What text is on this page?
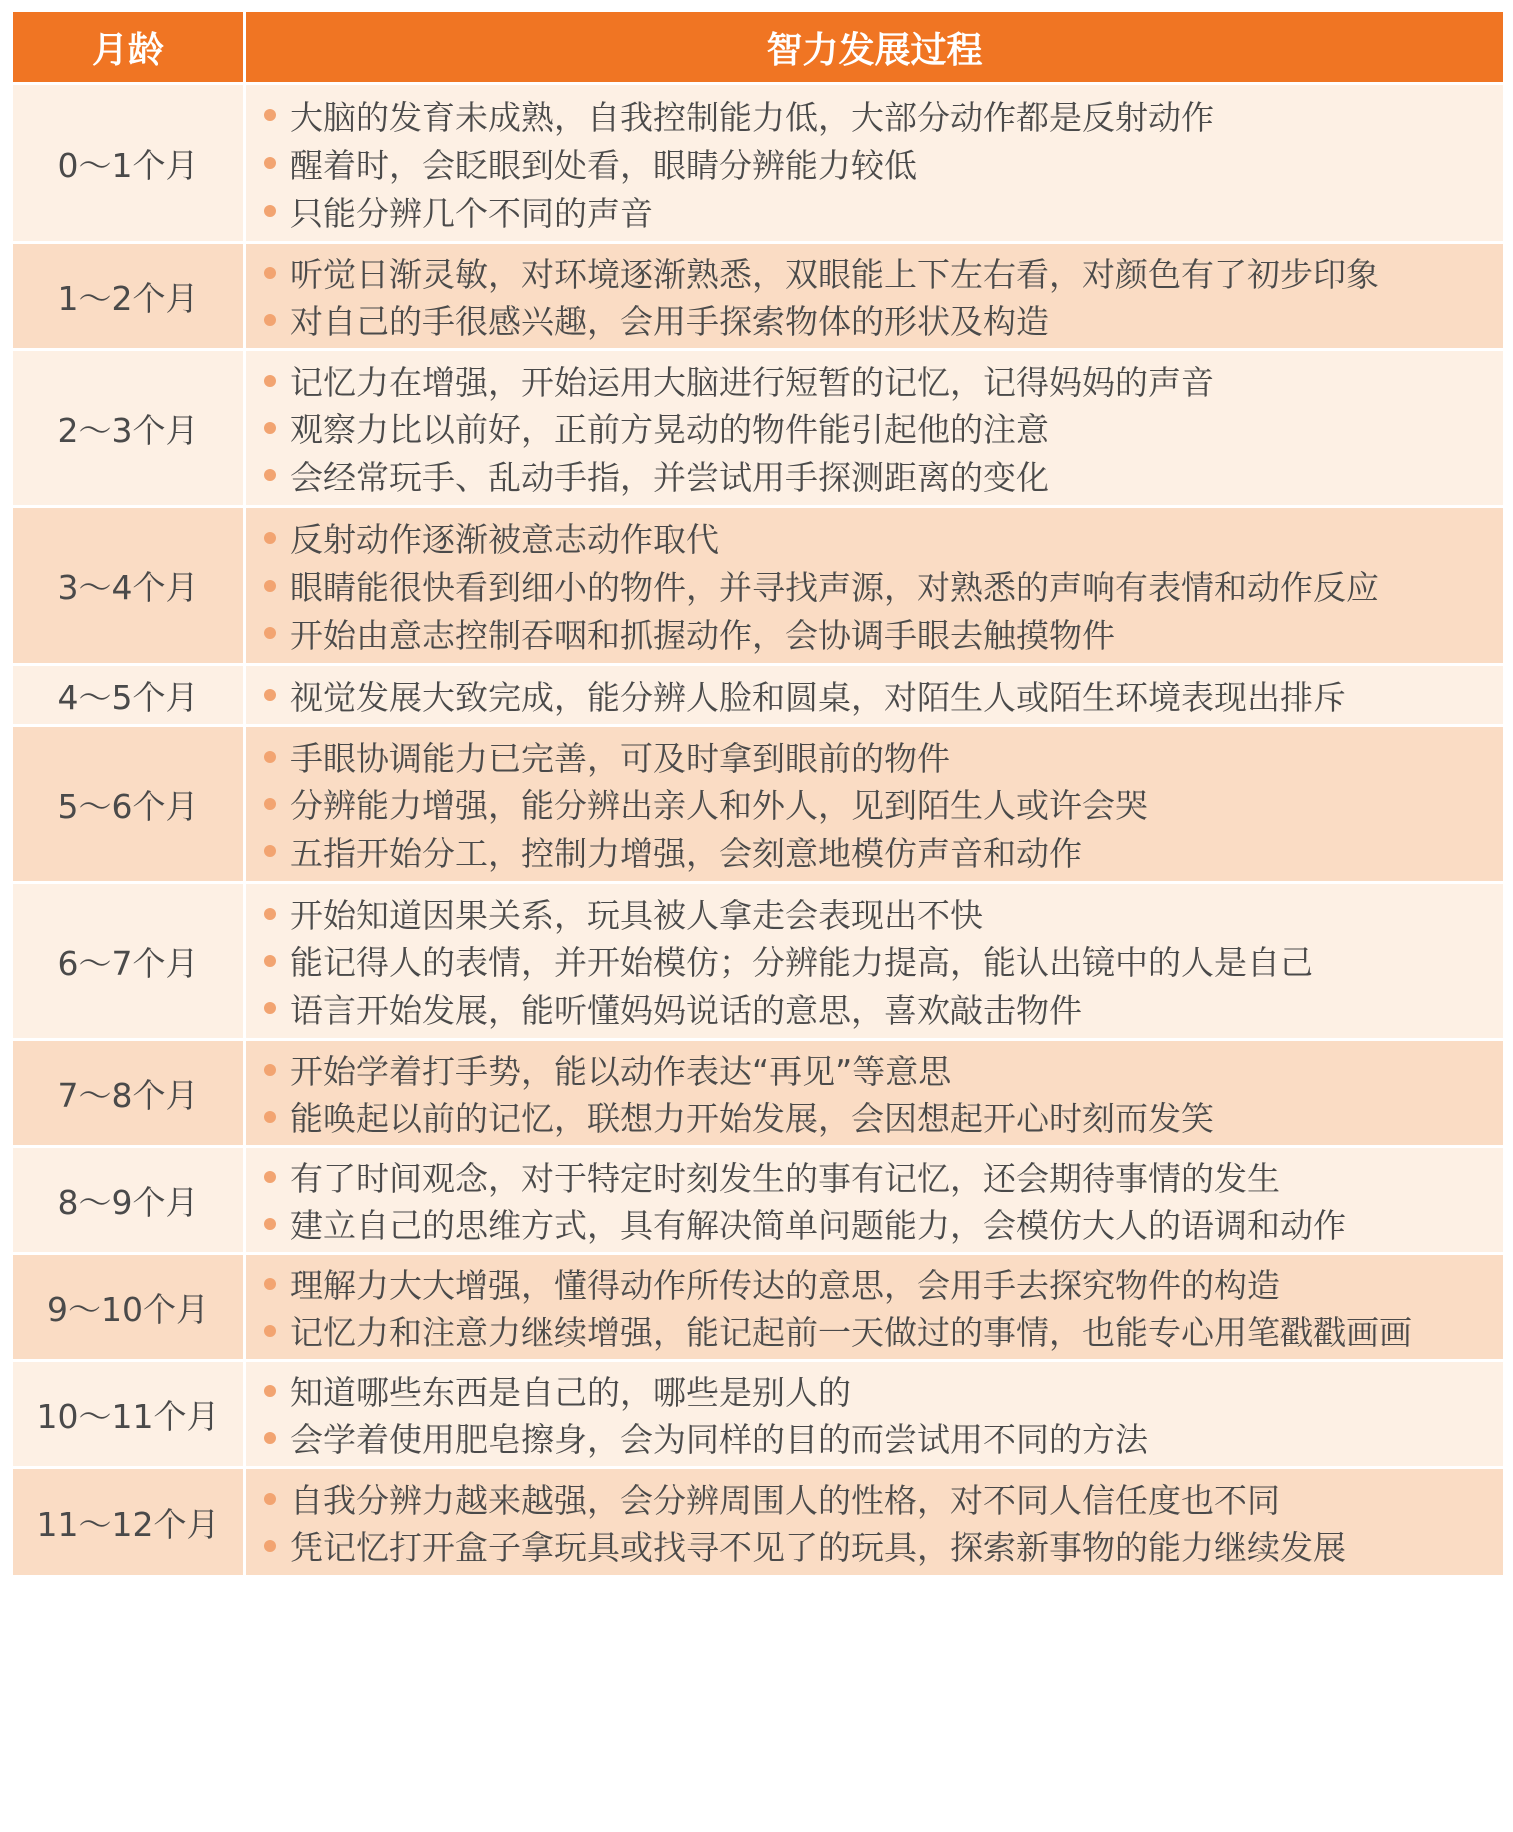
月龄	智力发展过程
0～1个月
大脑的发育未成熟，自我控制能力低，大部分动作都是反射动作
醒着时，会眨眼到处看，眼睛分辨能力较低
只能分辨几个不同的声音
1～2个月
听觉日渐灵敏，对环境逐渐熟悉，双眼能上下左右看，对颜色有了初步印象
对自己的手很感兴趣，会用手探索物体的形状及构造
2～3个月
记忆力在增强，开始运用大脑进行短暂的记忆，记得妈妈的声音
观察力比以前好，正前方晃动的物件能引起他的注意
会经常玩手、乱动手指，并尝试用手探测距离的变化
3～4个月
反射动作逐渐被意志动作取代
眼睛能很快看到细小的物件，并寻找声源，对熟悉的声响有表情和动作反应
开始由意志控制吞咽和抓握动作，会协调手眼去触摸物件
4～5个月	视觉发展大致完成，能分辨人脸和圆桌，对陌生人或陌生环境表现出排斥
5～6个月
手眼协调能力已完善，可及时拿到眼前的物件
分辨能力增强，能分辨出亲人和外人，见到陌生人或许会哭
五指开始分工，控制力增强，会刻意地模仿声音和动作
6～7个月
开始知道因果关系，玩具被人拿走会表现出不快
能记得人的表情，并开始模仿；分辨能力提高，能认出镜中的人是自己
语言开始发展，能听懂妈妈说话的意思，喜欢敲击物件
7～8个月
开始学着打手势，能以动作表达“再见”等意思
能唤起以前的记忆，联想力开始发展，会因想起开心时刻而发笑
8～9个月
有了时间观念，对于特定时刻发生的事有记忆，还会期待事情的发生
建立自己的思维方式，具有解决简单问题能力，会模仿大人的语调和动作
9～10个月
理解力大大增强，懂得动作所传达的意思，会用手去探究物件的构造
记忆力和注意力继续增强，能记起前一天做过的事情，也能专心用笔戳戳画画
10～11个月
知道哪些东西是自己的，哪些是别人的
会学着使用肥皂擦身，会为同样的目的而尝试用不同的方法
11～12个月
自我分辨力越来越强，会分辨周围人的性格，对不同人信任度也不同
凭记忆打开盒子拿玩具或找寻不见了的玩具，探索新事物的能力继续发展
